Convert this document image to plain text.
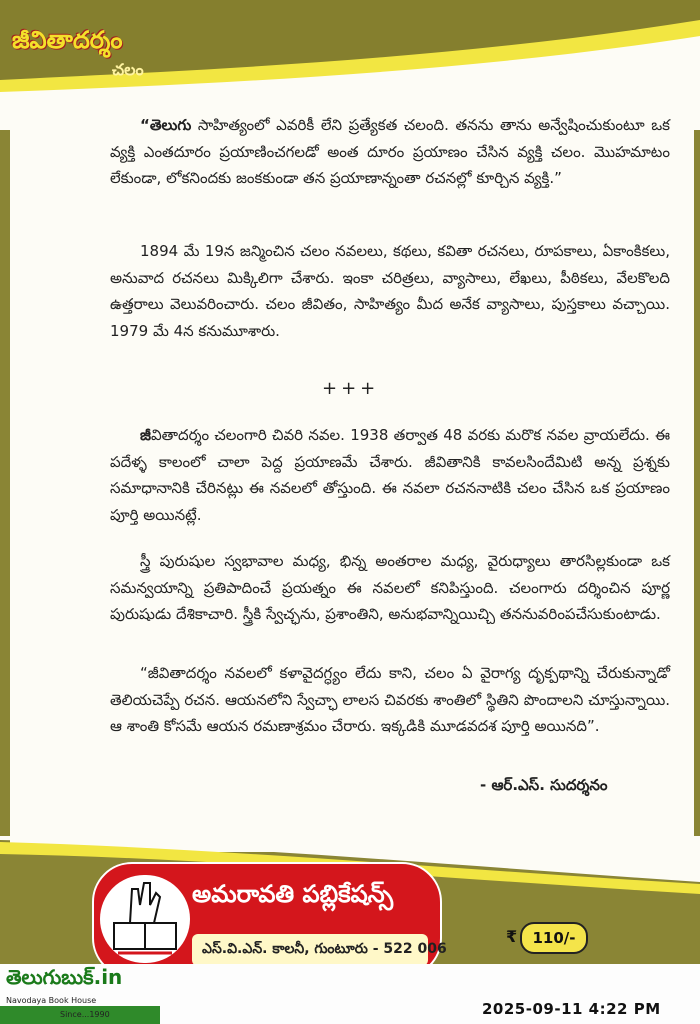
జీవితాదర్శం
చలం
“తెలుగు సాహిత్యంలో ఎవరికీ లేని ప్రత్యేకత చలంది. తనను తాను అన్వేషించుకుంటూ ఒక వ్యక్తి ఎంతదూరం ప్రయాణించగలడో అంత దూరం ప్రయాణం చేసిన వ్యక్తి చలం. మొహమాటం లేకుండా, లోకనిందకు జంకకుండా తన ప్రయాణాన్నంతా రచనల్లో కూర్చిన వ్యక్తి.”
1894 మే 19న జన్మించిన చలం నవలలు, కథలు, కవితా రచనలు, రూపకాలు, ఏకాంకికలు, అనువాద రచనలు మిక్కిలిగా చేశారు. ఇంకా చరిత్రలు, వ్యాసాలు, లేఖలు, పీఠికలు, వేలకొలది ఉత్తరాలు వెలువరించారు. చలం జీవితం, సాహిత్యం మీద అనేక వ్యాసాలు, పుస్తకాలు వచ్చాయి. 1979 మే 4న కనుమూశారు.
+++
జీవితాదర్శం చలంగారి చివరి నవల. 1938 తర్వాత 48 వరకు మరొక నవల వ్రాయలేదు. ఈ పదేళ్ళ కాలంలో చాలా పెద్ద ప్రయాణమే చేశారు. జీవితానికి కావలసిందేమిటి అన్న ప్రశ్నకు సమాధానానికి చేరినట్లు ఈ నవలలో తోస్తుంది. ఈ నవలా రచననాటికి చలం చేసిన ఒక ప్రయాణం పూర్తి అయినట్లే.
స్త్రీ పురుషుల స్వభావాల మధ్య, భిన్న అంతరాల మధ్య, వైరుధ్యాలు తారసిల్లకుండా ఒక సమన్వయాన్ని ప్రతిపాదించే ప్రయత్నం ఈ నవలలో కనిపిస్తుంది. చలంగారు దర్శించిన పూర్ణ పురుషుడు దేశికాచారి. స్త్రీకి స్వేచ్ఛను, ప్రశాంతిని, అనుభవాన్నియిచ్చి తననువరింపచేసుకుంటాడు.
“జీవితాదర్శం నవలలో కళావైదగ్ధ్యం లేదు కాని, చలం ఏ వైరాగ్య దృక్పథాన్ని చేరుకున్నాడో తెలియచెప్పే రచన. ఆయనలోని స్వేచ్ఛా లాలస చివరకు శాంతిలో స్థితిని పొందాలని చూస్తున్నాయి. ఆ శాంతి కోసమే ఆయన రమణాశ్రమం చేరారు. ఇక్కడికి మూడవదశ పూర్తి అయినది”.
- ఆర్.ఎస్. సుదర్శనం
అమరావతి పబ్లికేషన్స్
ఎస్.వి.ఎన్. కాలనీ, గుంటూరు - 522 006
₹	110/-
తెలుగుబుక్.in
Navodaya Book House
Since...1990	2025-09-11 4:22 PM
